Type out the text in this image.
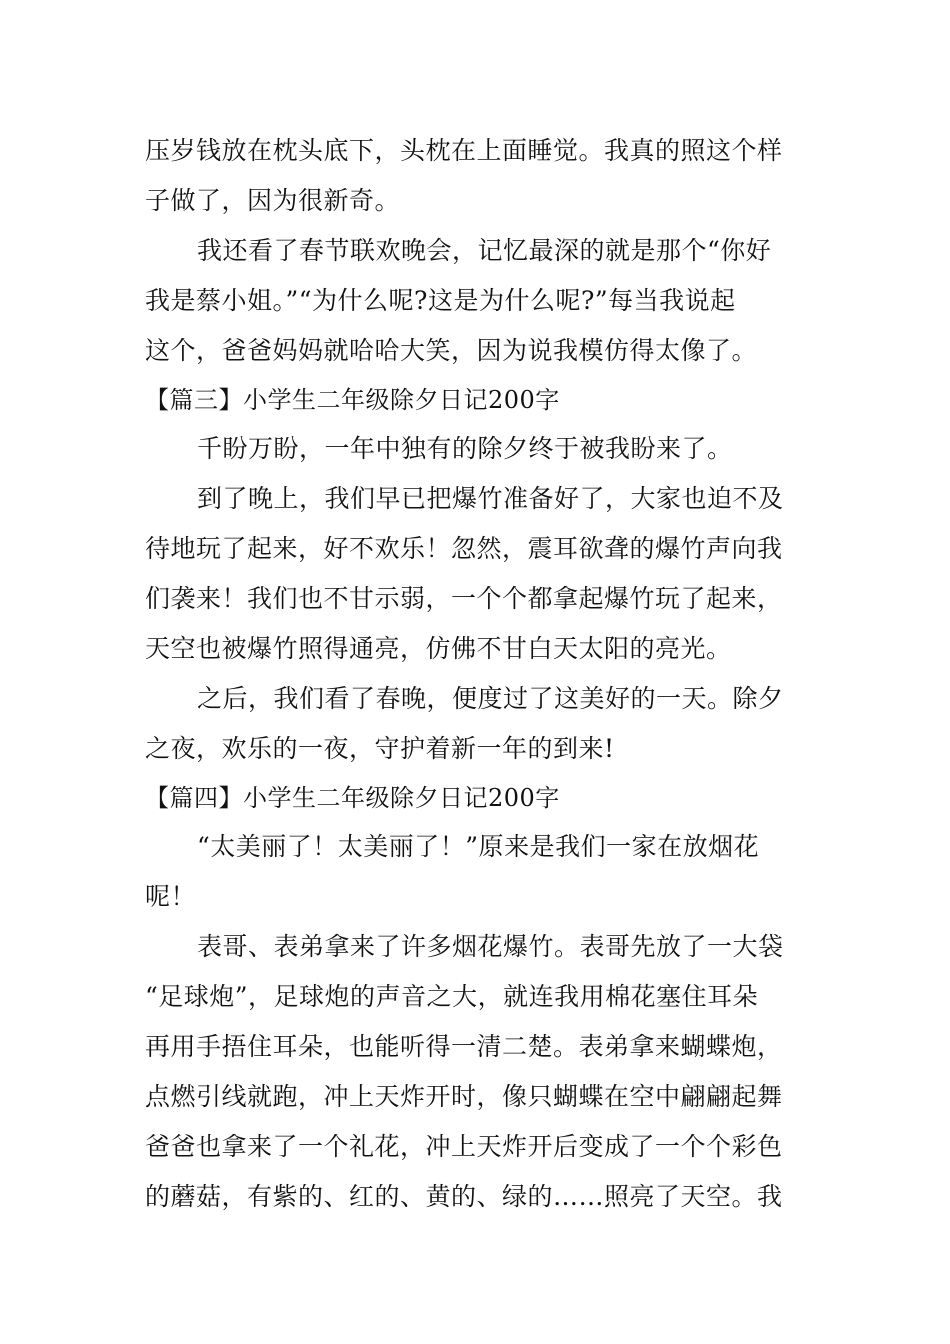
压岁钱放在枕头底下，头枕在上面睡觉。我真的照这个样
子做了，因为很新奇。
我还看了春节联欢晚会，记忆最深的就是那个“你好
我是蔡小姐。”“为什么呢?这是为什么呢?”每当我说起
这个，爸爸妈妈就哈哈大笑，因为说我模仿得太像了。
【篇三】小学生二年级除夕日记200字
千盼万盼，一年中独有的除夕终于被我盼来了。
到了晚上，我们早已把爆竹准备好了，大家也迫不及
待地玩了起来，好不欢乐！忽然，震耳欲聋的爆竹声向我
们袭来！我们也不甘示弱，一个个都拿起爆竹玩了起来，
天空也被爆竹照得通亮，仿佛不甘白天太阳的亮光。
之后，我们看了春晚，便度过了这美好的一天。除夕
之夜，欢乐的一夜，守护着新一年的到来!
【篇四】小学生二年级除夕日记200字
“太美丽了！太美丽了！”原来是我们一家在放烟花
呢！
表哥、表弟拿来了许多烟花爆竹。表哥先放了一大袋
“足球炮”，足球炮的声音之大，就连我用棉花塞住耳朵
再用手捂住耳朵，也能听得一清二楚。表弟拿来蝴蝶炮，
点燃引线就跑，冲上天炸开时，像只蝴蝶在空中翩翩起舞
爸爸也拿来了一个礼花，冲上天炸开后变成了一个个彩色
的蘑菇，有紫的、红的、黄的、绿的……照亮了天空。我
